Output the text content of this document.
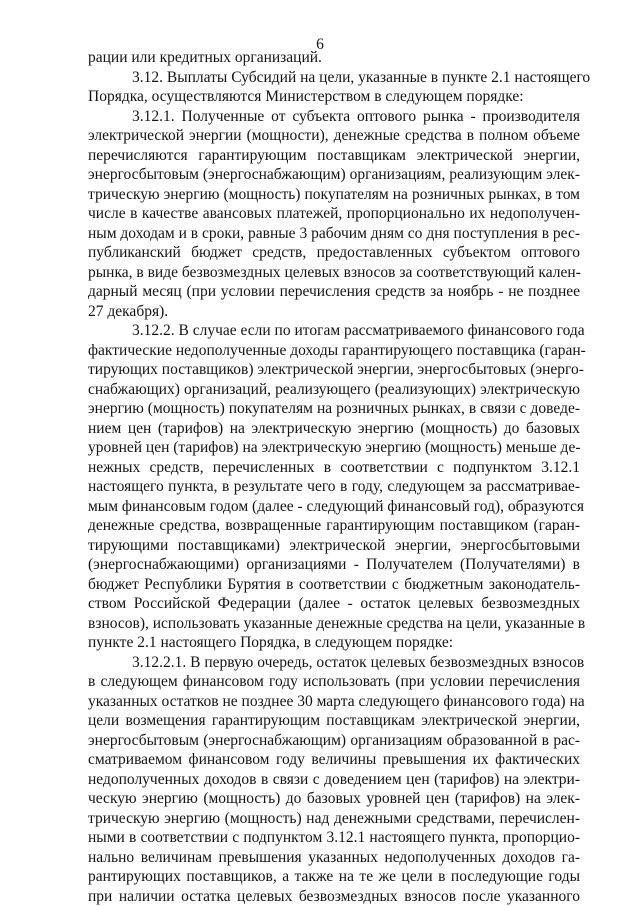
6
рации или кредитных организаций.
3.12. Выплаты Субсидий на цели, указанные в пункте 2.1 настоящего
Порядка, осуществляются Министерством в следующем порядке:
3.12.1. Полученные от субъекта оптового рынка - производителя
электрической энергии (мощности), денежные средства в полном объеме
перечисляются гарантирующим поставщикам электрической энергии,
энергосбытовым (энергоснабжающим) организациям, реализующим элек-
трическую энергию (мощность) покупателям на розничных рынках, в том
числе в качестве авансовых платежей, пропорционально их недополучен-
ным доходам и в сроки, равные 3 рабочим дням со дня поступления в рес-
публиканский бюджет средств, предоставленных субъектом оптового
рынка, в виде безвозмездных целевых взносов за соответствующий кален-
дарный месяц (при условии перечисления средств за ноябрь - не позднее
27 декабря).
3.12.2. В случае если по итогам рассматриваемого финансового года
фактические недополученные доходы гарантирующего поставщика (гаран-
тирующих поставщиков) электрической энергии, энергосбытовых (энерго-
снабжающих) организаций, реализующего (реализующих) электрическую
энергию (мощность) покупателям на розничных рынках, в связи с доведе-
нием цен (тарифов) на электрическую энергию (мощность) до базовых
уровней цен (тарифов) на электрическую энергию (мощность) меньше де-
нежных средств, перечисленных в соответствии с подпунктом 3.12.1
настоящего пункта, в результате чего в году, следующем за рассматривае-
мым финансовым годом (далее - следующий финансовый год), образуются
денежные средства, возвращенные гарантирующим поставщиком (гаран-
тирующими поставщиками) электрической энергии, энергосбытовыми
(энергоснабжающими) организациями - Получателем (Получателями) в
бюджет Республики Бурятия в соответствии с бюджетным законодатель-
ством Российской Федерации (далее - остаток целевых безвозмездных
взносов), использовать указанные денежные средства на цели, указанные в
пункте 2.1 настоящего Порядка, в следующем порядке:
3.12.2.1. В первую очередь, остаток целевых безвозмездных взносов
в следующем финансовом году использовать (при условии перечисления
указанных остатков не позднее 30 марта следующего финансового года) на
цели возмещения гарантирующим поставщикам электрической энергии,
энергосбытовым (энергоснабжающим) организациям образованной в рас-
сматриваемом финансовом году величины превышения их фактических
недополученных доходов в связи с доведением цен (тарифов) на электри-
ческую энергию (мощность) до базовых уровней цен (тарифов) на элек-
трическую энергию (мощность) над денежными средствами, перечислен-
ными в соответствии с подпунктом 3.12.1 настоящего пункта, пропорцио-
нально величинам превышения указанных недополученных доходов га-
рантирующих поставщиков, а также на те же цели в последующие годы
при наличии остатка целевых безвозмездных взносов после указанного
